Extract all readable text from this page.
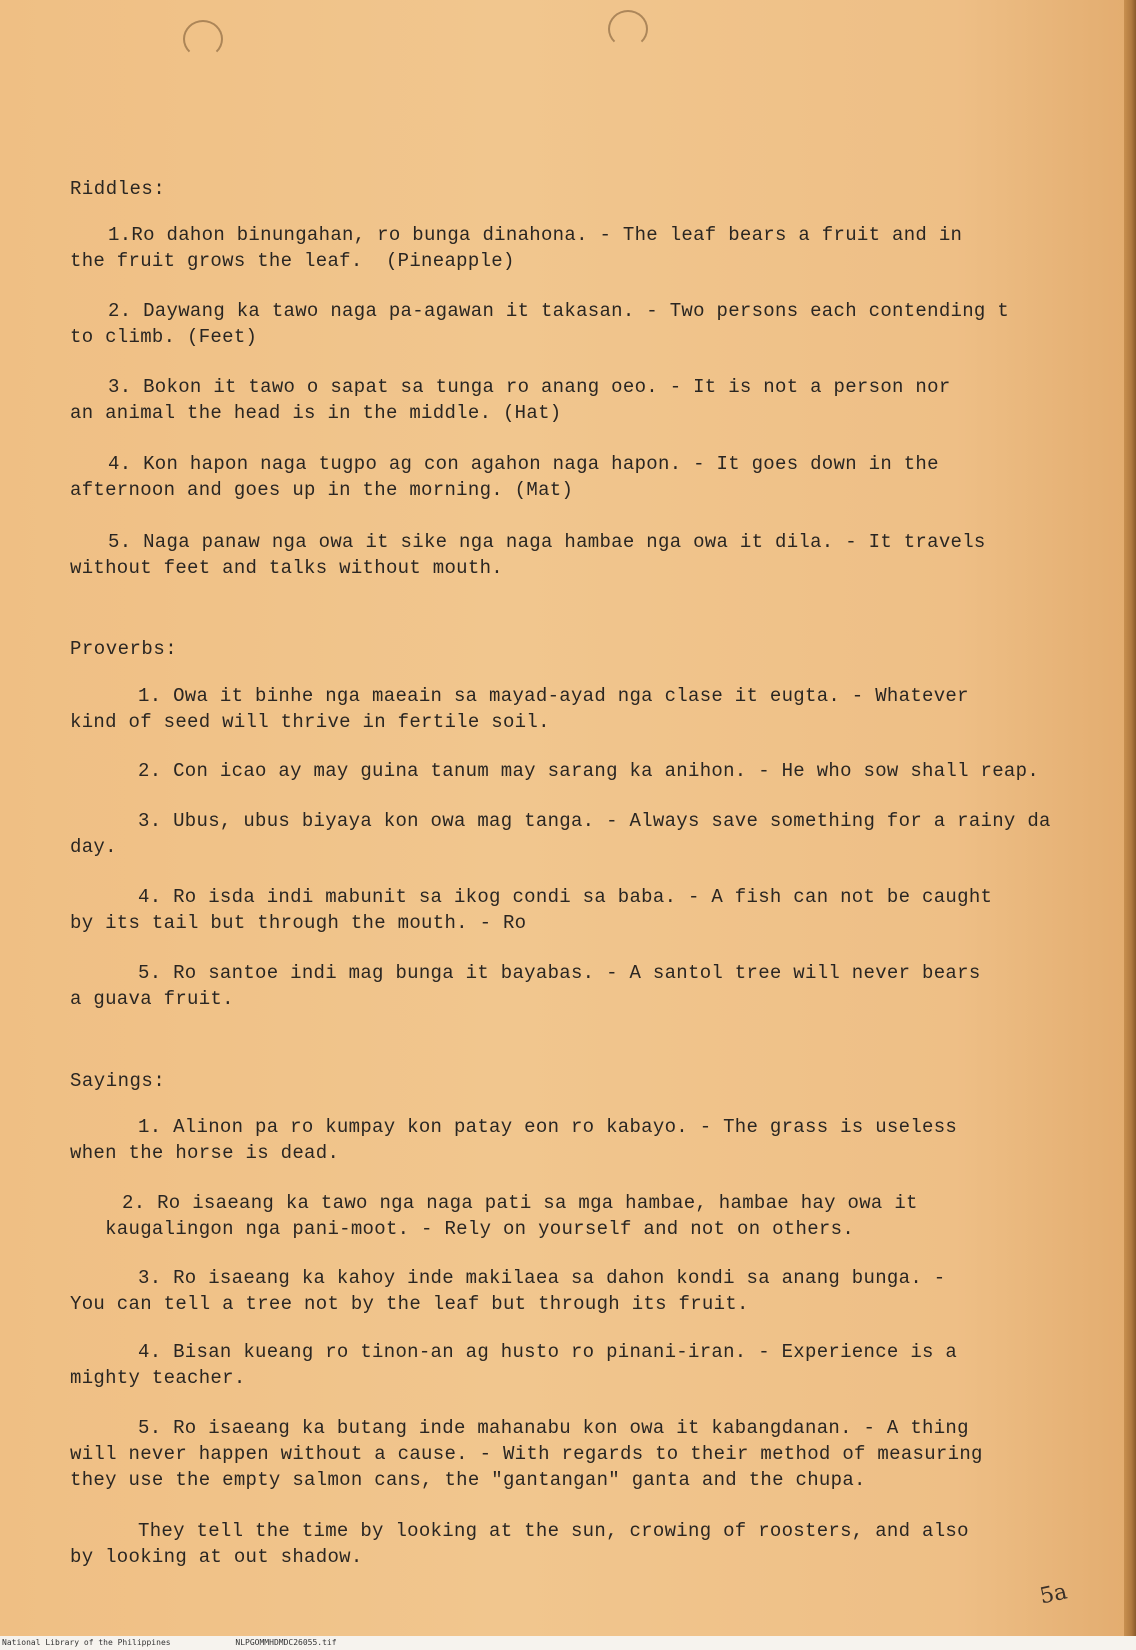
Riddles:
1.Ro dahon binungahan, ro bunga dinahona. - The leaf bears a fruit and in
the fruit grows the leaf.  (Pineapple)
2. Daywang ka tawo naga pa-agawan it takasan. - Two persons each contending t
to climb. (Feet)
3. Bokon it tawo o sapat sa tunga ro anang oeo. - It is not a person nor
an animal the head is in the middle. (Hat)
4. Kon hapon naga tugpo ag con agahon naga hapon. - It goes down in the
afternoon and goes up in the morning. (Mat)
5. Naga panaw nga owa it sike nga naga hambae nga owa it dila. - It travels
without feet and talks without mouth.
Proverbs:
1. Owa it binhe nga maeain sa mayad-ayad nga clase it eugta. - Whatever
kind of seed will thrive in fertile soil.
2. Con icao ay may guina tanum may sarang ka anihon. - He who sow shall reap.
3. Ubus, ubus biyaya kon owa mag tanga. - Always save something for a rainy da
day.
4. Ro isda indi mabunit sa ikog condi sa baba. - A fish can not be caught
by its tail but through the mouth. - Ro
5. Ro santoe indi mag bunga it bayabas. - A santol tree will never bears
a guava fruit.
Sayings:
1. Alinon pa ro kumpay kon patay eon ro kabayo. - The grass is useless
when the horse is dead.
2. Ro isaeang ka tawo nga naga pati sa mga hambae, hambae hay owa it
kaugalingon nga pani-moot. - Rely on yourself and not on others.
3. Ro isaeang ka kahoy inde makilaea sa dahon kondi sa anang bunga. -
You can tell a tree not by the leaf but through its fruit.
4. Bisan kueang ro tinon-an ag husto ro pinani-iran. - Experience is a
mighty teacher.
5. Ro isaeang ka butang inde mahanabu kon owa it kabangdanan. - A thing
will never happen without a cause. - With regards to their method of measuring
they use the empty salmon cans, the "gantangan" ganta and the chupa.
They tell the time by looking at the sun, crowing of roosters, and also
by looking at out shadow.
5a
National Library of the Philippines	NLPGOMMHDMDC26055.tif
